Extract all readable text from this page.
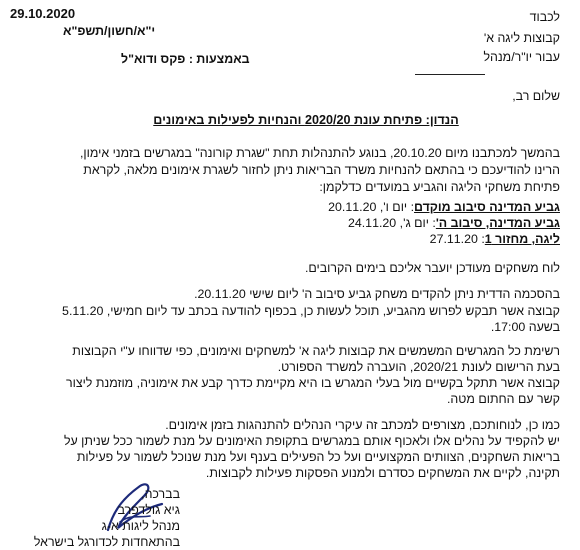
29.10.2020
י"א/חשון/תשפ"א
באמצעות : פקס ודוא"ל
לכבוד
קבוצות ליגה א'
עבור יו"ר/מנהל
שלום רב,
הנדון: פתיחת עונת 2020/20 והנחיות לפעילות באימונים
בהמשך למכתבנו מיום 20.10.20, בנוגע להתנהלות תחת "שגרת קורונה" במגרשים בזמני אימון,
הרינו להודיעכם כי בהתאם להנחיות משרד הבריאות ניתן לחזור לשגרת אימונים מלאה, לקראת
פתיחת משחקי הליגה והגביע במועדים כדלקמן:
גביע המדינה סיבוב מוקדם: יום ו', 20.11.20
גביע המדינה, סיבוב ה': יום ג', 24.11.20
ליגה, מחזור 1: 27.11.20
לוח משחקים מעודכן יועבר אליכם בימים הקרובים.
בהסכמה הדדית ניתן להקדים משחק גביע סיבוב ה' ליום שישי 20.11.20.
קבוצה אשר תבקש לפרוש מהגביע, תוכל לעשות כן, בכפוף להודעה בכתב עד ליום חמישי, 5.11.20
בשעה 17:00.
רשימת כל המגרשים המשמשים את קבוצות ליגה א' למשחקים ואימונים, כפי שדווחו ע"י הקבוצות
בעת הרישום לעונת 2020/21, הועברה למשרד הספורט.
קבוצה אשר תתקל בקשיים מול בעלי המגרש בו היא מקיימת כדרך קבע את אימוניה, מוזמנת ליצור
קשר עם החתום מטה.
כמו כן, לנוחותכם, מצורפים למכתב זה עיקרי הנהלים להתנהגות בזמן אימונים.
יש להקפיד על נהלים אלו ולאכוף אותם במגרשים בתקופת האימונים על מנת לשמור ככל שניתן על
בריאות השחקנים, הצוותים המקצועיים ועל כל הפעילים בענף ועל מנת שנוכל לשמור על פעילות
תקינה, לקיים את המשחקים כסדרם ולמנוע הפסקות פעילות לקבוצות.
בברכה,
גיא גולדפרב
מנהל ליגות א-ג
בהתאחדות לכדורגל בישראל
